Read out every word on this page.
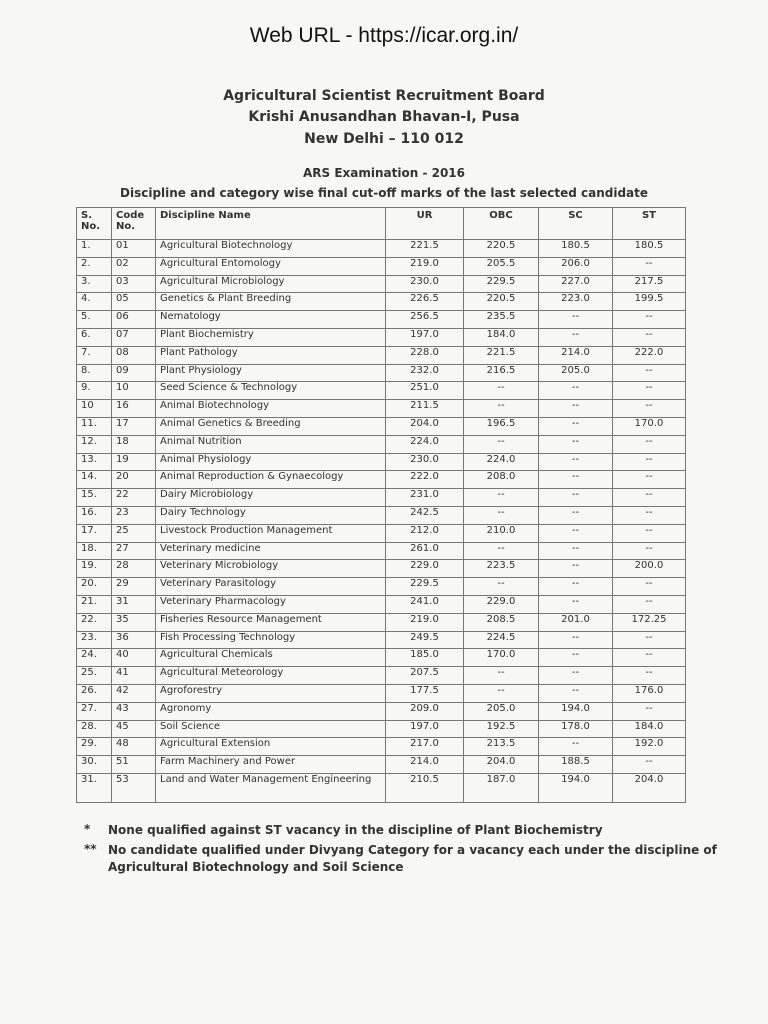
Web URL - https://icar.org.in/
Agricultural Scientist Recruitment Board
Krishi Anusandhan Bhavan-I, Pusa
New Delhi – 110 012
ARS Examination - 2016
Discipline and category wise final cut-off marks of the last selected candidate
S. No.	Code No.	Discipline Name	UR	OBC	SC	ST
1.	01	Agricultural Biotechnology	221.5	220.5	180.5	180.5
2.	02	Agricultural Entomology	219.0	205.5	206.0	--
3.	03	Agricultural Microbiology	230.0	229.5	227.0	217.5
4.	05	Genetics & Plant Breeding	226.5	220.5	223.0	199.5
5.	06	Nematology	256.5	235.5	--	--
6.	07	Plant Biochemistry	197.0	184.0	--	--
7.	08	Plant Pathology	228.0	221.5	214.0	222.0
8.	09	Plant Physiology	232.0	216.5	205.0	--
9.	10	Seed Science & Technology	251.0	--	--	--
10	16	Animal Biotechnology	211.5	--	--	--
11.	17	Animal Genetics & Breeding	204.0	196.5	--	170.0
12.	18	Animal Nutrition	224.0	--	--	--
13.	19	Animal Physiology	230.0	224.0	--	--
14.	20	Animal Reproduction & Gynaecology	222.0	208.0	--	--
15.	22	Dairy Microbiology	231.0	--	--	--
16.	23	Dairy Technology	242.5	--	--	--
17.	25	Livestock Production Management	212.0	210.0	--	--
18.	27	Veterinary medicine	261.0	--	--	--
19.	28	Veterinary Microbiology	229.0	223.5	--	200.0
20.	29	Veterinary Parasitology	229.5	--	--	--
21.	31	Veterinary Pharmacology	241.0	229.0	--	--
22.	35	Fisheries Resource Management	219.0	208.5	201.0	172.25
23.	36	Fish Processing Technology	249.5	224.5	--	--
24.	40	Agricultural Chemicals	185.0	170.0	--	--
25.	41	Agricultural Meteorology	207.5	--	--	--
26.	42	Agroforestry	177.5	--	--	176.0
27.	43	Agronomy	209.0	205.0	194.0	--
28.	45	Soil Science	197.0	192.5	178.0	184.0
29.	48	Agricultural Extension	217.0	213.5	--	192.0
30.	51	Farm Machinery and Power	214.0	204.0	188.5	--
31.	53	Land and Water Management Engineering	210.5	187.0	194.0	204.0
*	None qualified against ST vacancy in the discipline of Plant Biochemistry
** No candidate qualified under Divyang Category for a vacancy each under the discipline of Agricultural Biotechnology and Soil Science
